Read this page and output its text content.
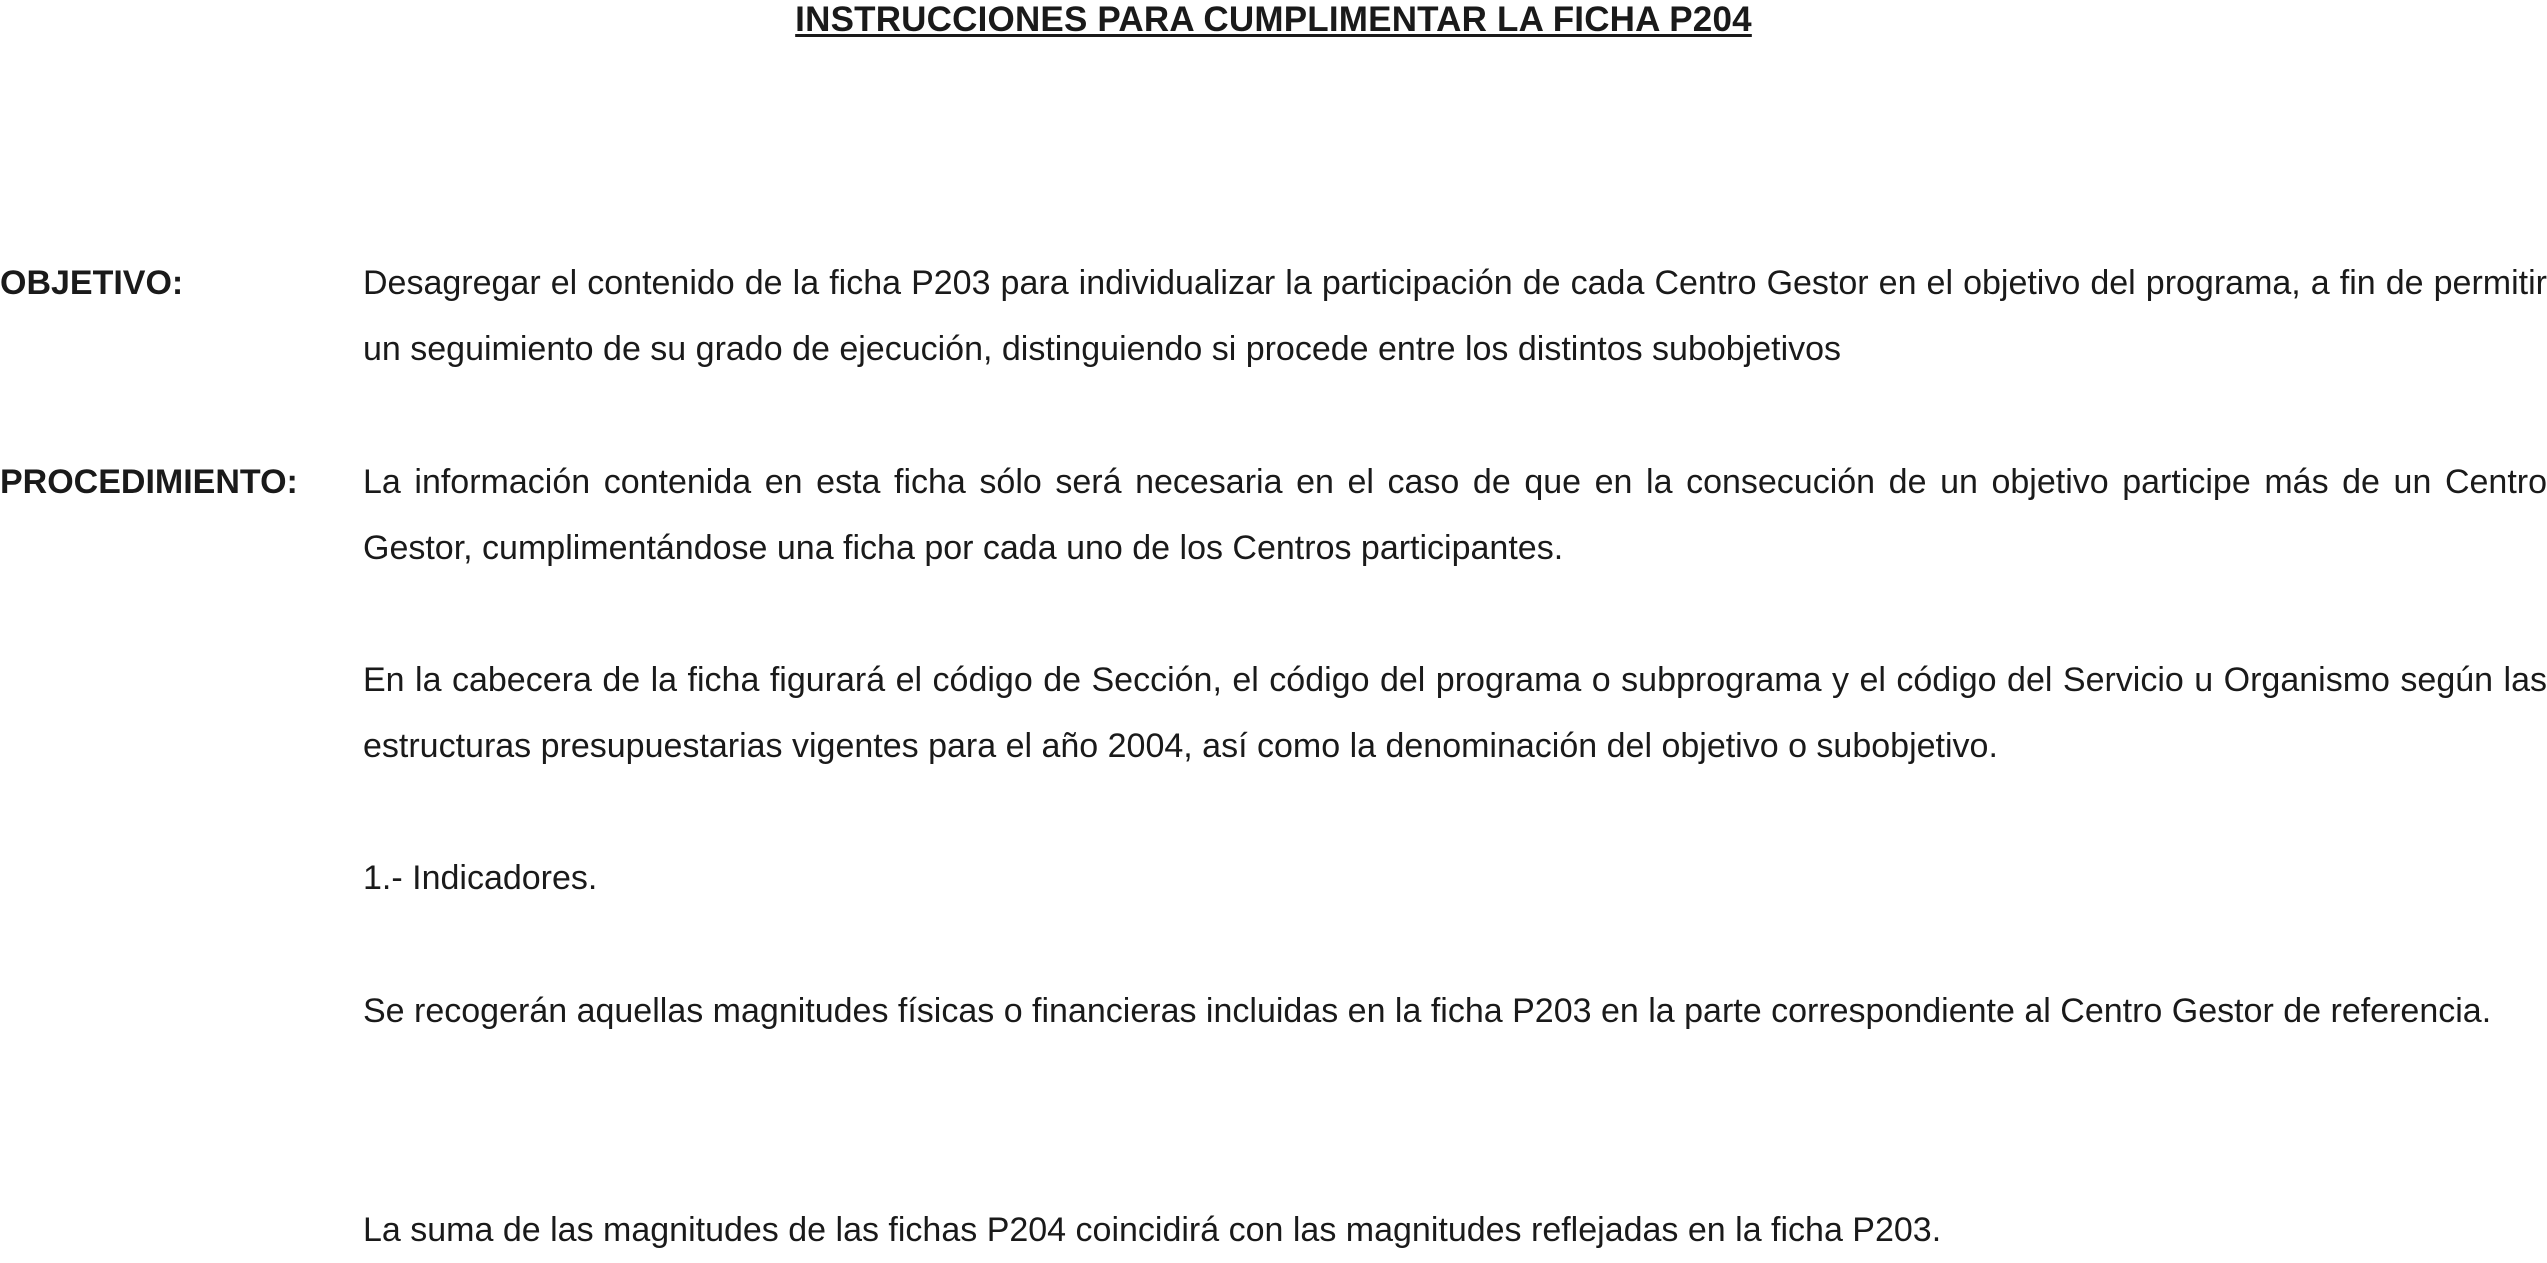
INSTRUCCIONES PARA CUMPLIMENTAR LA FICHA P204
OBJETIVO:	Desagregar el contenido de la ficha P203 para individualizar la participación de cada Centro Gestor en el objetivo del programa, a fin de permitir un seguimiento de su grado de ejecución, distinguiendo si procede entre los distintos subobjetivos

PROCEDIMIENTO: La información contenida en esta ficha sólo será necesaria en el caso de que en la consecución de un objetivo participe más de un Centro Gestor, cumplimentándose una ficha por cada uno de los Centros participantes.

En la cabecera de la ficha figurará el código de Sección, el código del programa o subprograma y el código del Servicio u Organismo según las estructuras presupuestarias vigentes para el año 2004, así como la denominación del objetivo o subobjetivo.

1.- Indicadores.

Se recogerán aquellas magnitudes físicas o financieras incluidas en la ficha P203 en la parte correspondiente al Centro Gestor de referencia.

La suma de las magnitudes de las fichas P204 coincidirá con las magnitudes reflejadas en la ficha P203.
